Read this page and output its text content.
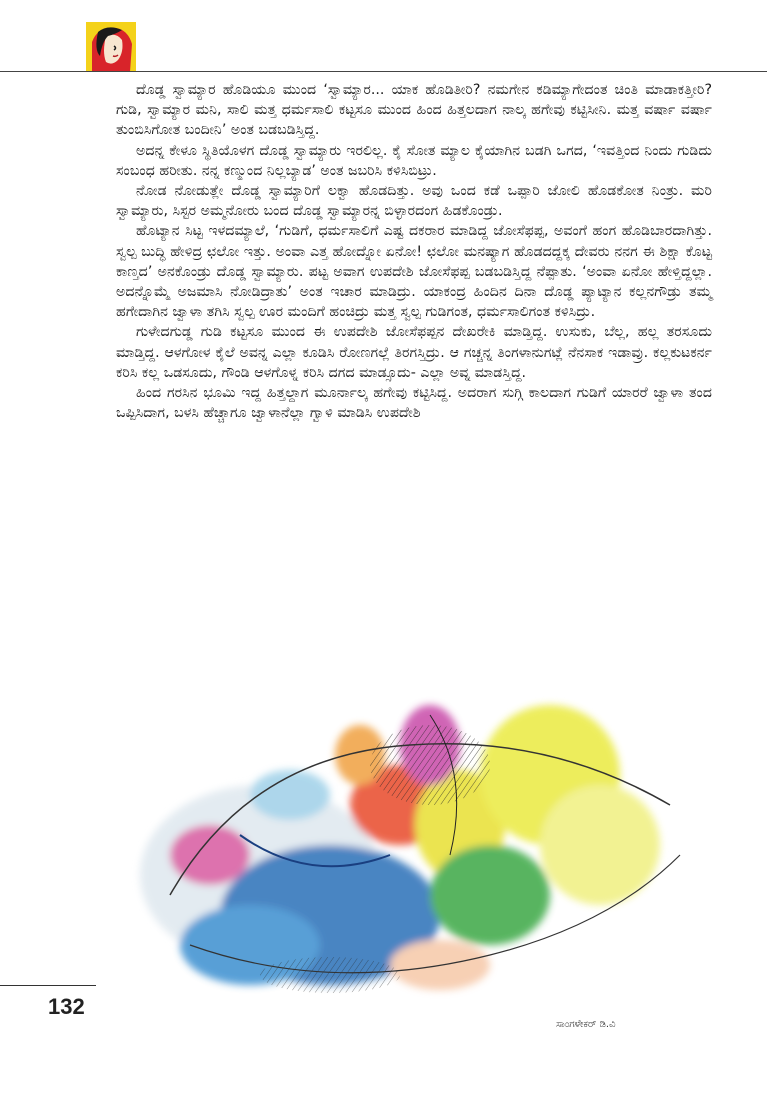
ದೊಡ್ಡ ಸ್ವಾಮ್ಯಾರ ಹೊಡಿಯೂ ಮುಂದ ‘ಸ್ವಾಮ್ಯಾರ... ಯಾಕ ಹೊಡಿತೀರಿ? ನಮಗೇನ ಕಡಿಮ್ಯಾಗೇದಂತ ಚಿಂತಿ ಮಾಡಾಕತ್ತೀರಿ? ಗುಡಿ, ಸ್ವಾಮ್ಯಾರ ಮನಿ, ಸಾಲಿ ಮತ್ತ ಧರ್ಮಸಾಲಿ ಕಟ್ಟಸೂ ಮುಂದ ಹಿಂದ ಹಿತ್ತಲದಾಗ ನಾಲ್ಕ ಹಗೇವು ಕಟ್ಟಿಸೀನಿ. ಮತ್ತ ವರ್ಷಾ ವರ್ಷಾ ತುಂಬಿಸಿಗೋತ ಬಂದೀನಿ’ ಅಂತ ಬಡಬಡಿಸ್ತಿದ್ದ.

ಅದನ್ನ ಕೇಳೂ ಸ್ಥಿತಿಯೊಳಗ ದೊಡ್ಡ ಸ್ವಾಮ್ಯಾರು ಇರಲಿಲ್ಲ. ಕೈ ಸೋತ ಮ್ಯಾಲ ಕೈಯಾಗಿನ ಬಡಗಿ ಒಗದ, ‘ಇವತ್ತಿಂದ ನಿಂದು ಗುಡಿದು ಸಂಬಂಧ ಹರೀತು. ನನ್ನ ಕಣ್ಮುಂದ ನಿಲ್ಲಬ್ಯಾಡ’ ಅಂತ ಜಬರಿಸಿ ಕಳಿಸಿಬಿಟ್ರು.

ನೋಡ ನೋಡುತ್ಲೇ ದೊಡ್ಡ ಸ್ವಾಮ್ಯಾರಿಗೆ ಲಕ್ವಾ ಹೊಡದಿತ್ತು. ಅವು ಒಂದ ಕಡೆ ಒಪ್ಪಾರಿ ಜೋಲಿ ಹೊಡಕೋತ ನಿಂತ್ರು. ಮರಿ ಸ್ವಾಮ್ಯಾರು, ಸಿಸ್ಟರ ಅಮ್ಮನೋರು ಬಂದ ದೊಡ್ಡ ಸ್ವಾಮ್ಯಾರನ್ನ ಬಿಳ್ಳಾರದಂಗ ಹಿಡಕೊಂಡ್ರು.

ಹೊಟ್ಯಾನ ಸಿಟ್ಟ ಇಳದಮ್ಯಾಲೆ, ‘ಗುಡಿಗೆ, ಧರ್ಮಸಾಲಿಗೆ ಎಷ್ಟ ದಕರಾರ ಮಾಡಿದ್ದ ಜೋಸೆಫಪ್ಪ, ಅವಂಗೆ ಹಂಗ ಹೊಡಿಬಾರದಾಗಿತ್ತು. ಸ್ವಲ್ಪ ಬುದ್ಧಿ ಹೇಳಿದ್ರ ಛಲೋ ಇತ್ತು. ಅಂವಾ ಎತ್ತ ಹೋದ್ನೋ ಏನೋ! ಛಲೋ ಮನಷ್ಯಾಗ ಹೊಡದದ್ದಕ್ಕ ದೇವರು ನನಗ ಈ ಶಿಕ್ಷಾ ಕೊಟ್ಟ ಕಾಣ್ತದ’ ಅನಕೊಂಡ್ರು ದೊಡ್ಡ ಸ್ವಾಮ್ಯಾರು. ಪಟ್ಟ ಅವಾಗ ಉಪದೇಶಿ ಜೋಸೆಫಪ್ಪ ಬಡಬಡಿಸ್ತಿದ್ದ ನೆಪ್ಪಾತು. ‘ಅಂವಾ ಏನೋ ಹೇಳ್ತಿದ್ದಲ್ಲಾ. ಅದನ್ನೊಮ್ಮೆ ಅಜಮಾಸಿ ನೋಡಿದ್ರಾತು’ ಅಂತ ಇಚಾರ ಮಾಡಿದ್ರು. ಯಾಕಂದ್ರ ಹಿಂದಿನ ದಿನಾ ದೊಡ್ಡ ಪ್ಯಾಟ್ಯಾನ ಕಲ್ಲನಗೌಡ್ರು ತಮ್ಮ ಹಗೇದಾಗಿನ ಜ್ವಾಳಾ ತಗಿಸಿ ಸ್ವಲ್ಪ ಊರ ಮಂದಿಗೆ ಹಂಚಿದ್ರು ಮತ್ತ ಸ್ವಲ್ಪ ಗುಡಿಗಂತ, ಧರ್ಮಸಾಲಿಗಂತ ಕಳಿಸಿದ್ರು.

ಗುಳೇದಗುಡ್ಡ ಗುಡಿ ಕಟ್ಟಸೂ ಮುಂದ ಈ ಉಪದೇಶಿ ಜೋಸೆಫಪ್ಪನ ದೇಖರೇಕಿ ಮಾಡ್ತಿದ್ದ. ಉಸುಕು, ಬೆಲ್ಲ, ಹಲ್ಲ ತರಸೂದು ಮಾಡ್ತಿದ್ದ. ಆಳಗೋಳ ಕೈಲೆ ಅವನ್ನ ಎಲ್ಲಾ ಕೂಡಿಸಿ ರೋಣಗಲ್ಲೆ ತಿರಗಸ್ತಿದ್ರು. ಆ ಗಚ್ಚನ್ನ ತಿಂಗಳಾನುಗಟ್ಲೆ ನೆನಸಾಕ ಇಡಾವ್ರು. ಕಲ್ಲಕುಟಕರ್ನ ಕರಿಸಿ ಕಲ್ಲ ಒಡಸೂದು, ಗೌಂಡಿ ಆಳಗೊಳ್ನ ಕರಿಸಿ ದಗದ ಮಾಡ್ಸೂದು- ಎಲ್ಲಾ ಅವ್ನ ಮಾಡಸ್ತಿದ್ದ.

ಹಿಂದ ಗರಸಿನ ಭೂಮಿ ಇದ್ದ ಹಿತ್ತಲ್ದಾಗ ಮೂರ್ನಾಲ್ಕ ಹಗೇವು ಕಟ್ಟಿಸಿದ್ದ. ಅದರಾಗ ಸುಗ್ಗಿ ಕಾಲದಾಗ ಗುಡಿಗೆ ಯಾರರೆ ಜ್ವಾಳಾ ತಂದ ಒಪ್ಪಿಸಿದಾಗ, ಬಳಸಿ ಹೆಚ್ಚಾಗೂ ಜ್ವಾಳಾನೆಲ್ಲಾ ಗ್ವಾಳಿ ಮಾಡಿಸಿ ಉಪದೇಶಿ

132
ಸಾಂಗಳೇಕರ್ ಡಿ.ವಿ
